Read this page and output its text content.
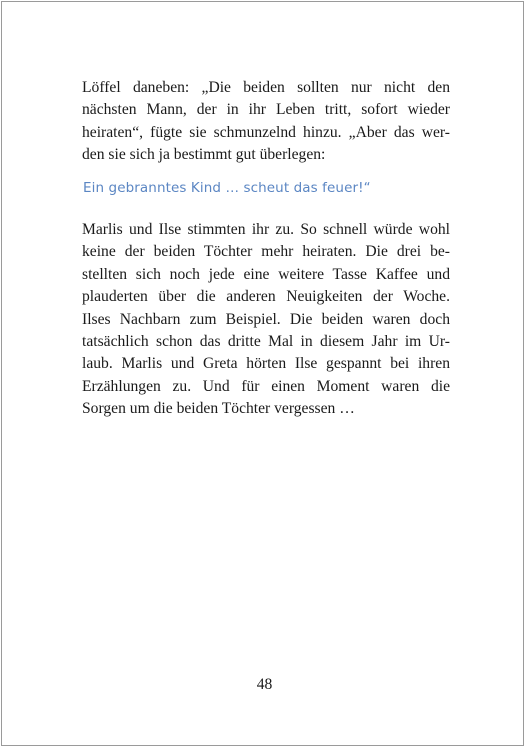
Löffel daneben: „Die beiden sollten nur nicht den
nächsten Mann, der in ihr Leben tritt, sofort wieder
heiraten“, fügte sie schmunzelnd hinzu. „Aber das wer-
den sie sich ja bestimmt gut überlegen:
Ein gebranntes Kind … scheut das feuer!“
Marlis und Ilse stimmten ihr zu. So schnell würde wohl
keine der beiden Töchter mehr heiraten. Die drei be-
stellten sich noch jede eine weitere Tasse Kaffee und
plauderten über die anderen Neuigkeiten der Woche.
Ilses Nachbarn zum Beispiel. Die beiden waren doch
tatsächlich schon das dritte Mal in diesem Jahr im Ur-
laub. Marlis und Greta hörten Ilse gespannt bei ihren
Erzählungen zu. Und für einen Moment waren die
Sorgen um die beiden Töchter vergessen …
48
